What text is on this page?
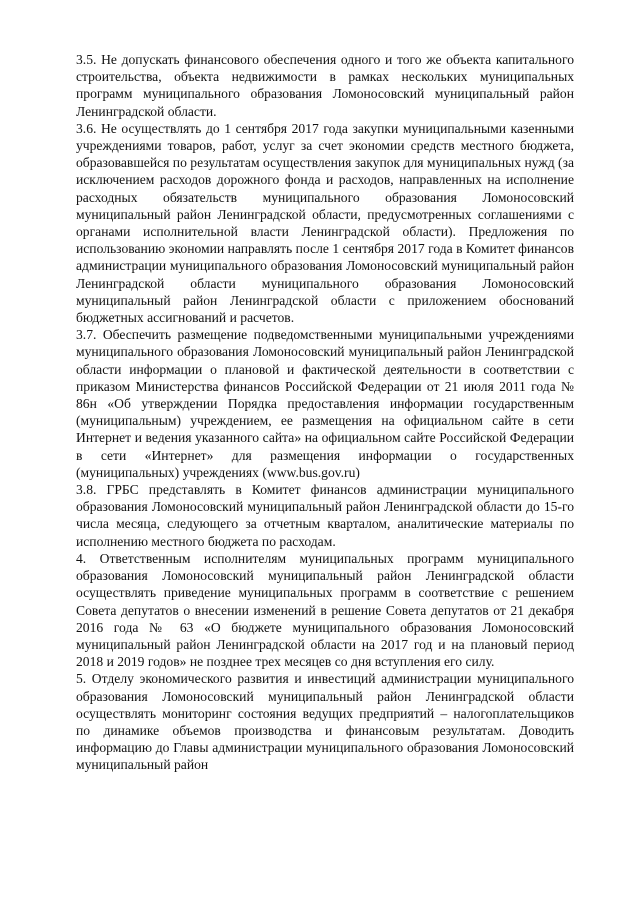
3.5. Не допускать финансового обеспечения одного и того же объекта капитального строительства, объекта недвижимости в рамках нескольких муниципальных программ муниципального образования Ломоносовский муниципальный район Ленинградской области.

3.6. Не осуществлять до 1 сентября 2017 года закупки муниципальными казенными учреждениями товаров, работ, услуг за счет экономии средств местного бюджета, образовавшейся по результатам осуществления закупок для муниципальных нужд (за исключением расходов дорожного фонда и расходов, направленных на исполнение расходных обязательств муниципального образования Ломоносовский муниципальный район Ленинградской области, предусмотренных соглашениями с органами исполнительной власти Ленинградской области). Предложения по использованию экономии направлять после 1 сентября 2017 года в Комитет финансов администрации муниципального образования Ломоносовский муниципальный район Ленинградской области муниципального образования Ломоносовский муниципальный район Ленинградской области с приложением обоснований бюджетных ассигнований и расчетов.

3.7. Обеспечить размещение подведомственными муниципальными учреждениями муниципального образования Ломоносовский муниципальный район Ленинградской области информации о плановой и фактической деятельности в соответствии с приказом Министерства финансов Российской Федерации от 21 июля 2011 года № 86н «Об утверждении Порядка предоставления информации государственным (муниципальным) учреждением, ее размещения на официальном сайте в сети Интернет и ведения указанного сайта» на официальном сайте Российской Федерации в сети «Интернет» для размещения информации о государственных (муниципальных) учреждениях (www.bus.gov.ru)

3.8. ГРБС представлять в Комитет финансов администрации муниципального образования Ломоносовский муниципальный район Ленинградской области до 15-го числа месяца, следующего за отчетным кварталом, аналитические материалы по исполнению местного бюджета по расходам.

4. Ответственным исполнителям муниципальных программ муниципального образования Ломоносовский муниципальный район Ленинградской области осуществлять приведение муниципальных программ в соответствие с решением Совета депутатов о внесении изменений в решение Совета депутатов от 21 декабря 2016 года № 63 «О бюджете муниципального образования Ломоносовский муниципальный район Ленинградской области на 2017 год и на плановый период 2018 и 2019 годов» не позднее трех месяцев со дня вступления его силу.

5. Отделу экономического развития и инвестиций администрации муниципального образования Ломоносовский муниципальный район Ленинградской области осуществлять мониторинг состояния ведущих предприятий – налогоплательщиков по динамике объемов производства и финансовым результатам. Доводить информацию до Главы администрации муниципального образования Ломоносовский муниципальный район
